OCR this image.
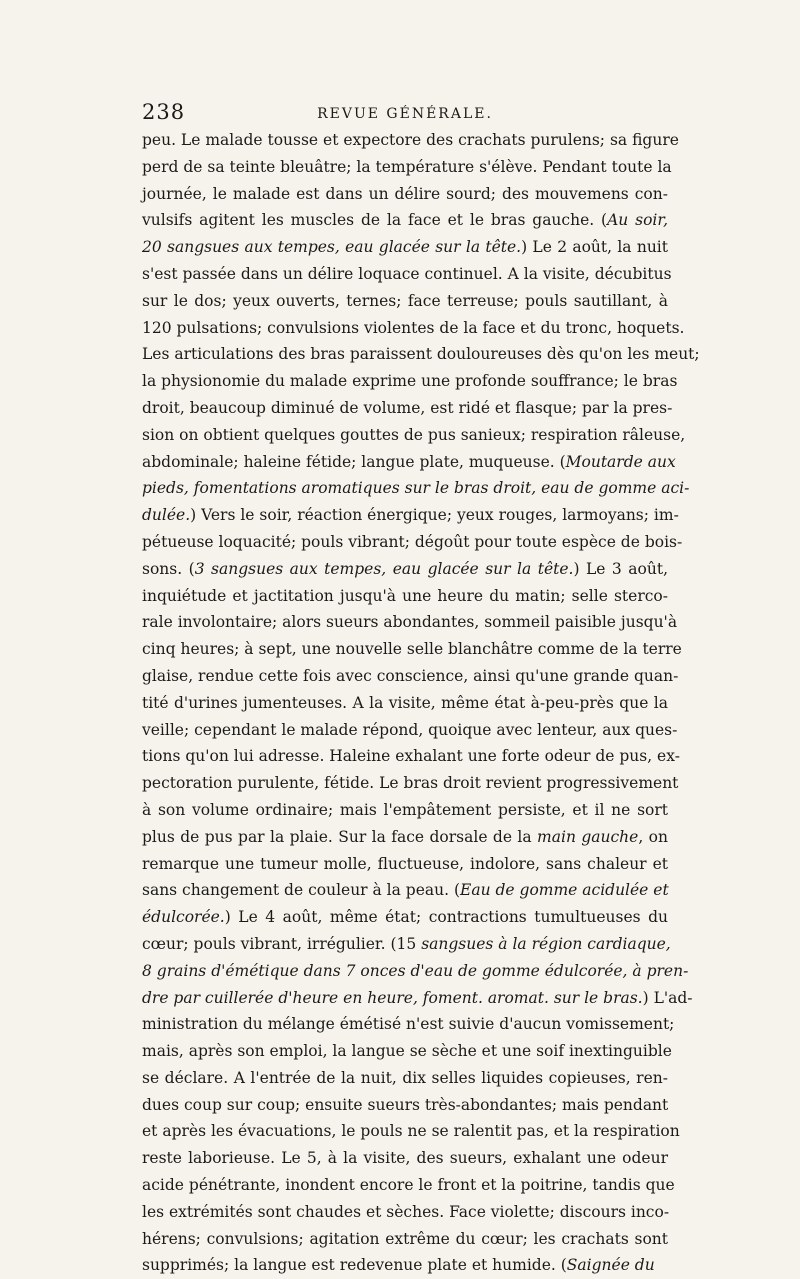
238	REVUE GÉNÉRALE.
peu. Le malade tousse et expectore des crachats purulens; sa figure
perd de sa teinte bleuâtre; la température s'élève. Pendant toute la
journée, le malade est dans un délire sourd; des mouvemens con-
vulsifs agitent les muscles de la face et le bras gauche. (Au soir,
20 sangsues aux tempes, eau glacée sur la tête.) Le 2 août, la nuit
s'est passée dans un délire loquace continuel. A la visite, décubitus
sur le dos; yeux ouverts, ternes; face terreuse; pouls sautillant, à
120 pulsations; convulsions violentes de la face et du tronc, hoquets.
Les articulations des bras paraissent douloureuses dès qu'on les meut;
la physionomie du malade exprime une profonde souffrance; le bras
droit, beaucoup diminué de volume, est ridé et flasque; par la pres-
sion on obtient quelques gouttes de pus sanieux; respiration râleuse,
abdominale; haleine fétide; langue plate, muqueuse. (Moutarde aux
pieds, fomentations aromatiques sur le bras droit, eau de gomme aci-
dulée.) Vers le soir, réaction énergique; yeux rouges, larmoyans; im-
pétueuse loquacité; pouls vibrant; dégoût pour toute espèce de bois-
sons. (3 sangsues aux tempes, eau glacée sur la tête.) Le 3 août,
inquiétude et jactitation jusqu'à une heure du matin; selle sterco-
rale involontaire; alors sueurs abondantes, sommeil paisible jusqu'à
cinq heures; à sept, une nouvelle selle blanchâtre comme de la terre
glaise, rendue cette fois avec conscience, ainsi qu'une grande quan-
tité d'urines jumenteuses. A la visite, même état à-peu-près que la
veille; cependant le malade répond, quoique avec lenteur, aux ques-
tions qu'on lui adresse. Haleine exhalant une forte odeur de pus, ex-
pectoration purulente, fétide. Le bras droit revient progressivement
à son volume ordinaire; mais l'empâtement persiste, et il ne sort
plus de pus par la plaie. Sur la face dorsale de la main gauche, on
remarque une tumeur molle, fluctueuse, indolore, sans chaleur et
sans changement de couleur à la peau. (Eau de gomme acidulée et
édulcorée.) Le 4 août, même état; contractions tumultueuses du
cœur; pouls vibrant, irrégulier. (15 sangsues à la région cardiaque,
8 grains d'émétique dans 7 onces d'eau de gomme édulcorée, à pren-
dre par cuillerée d'heure en heure, foment. aromat. sur le bras.) L'ad-
ministration du mélange émétisé n'est suivie d'aucun vomissement;
mais, après son emploi, la langue se sèche et une soif inextinguible
se déclare. A l'entrée de la nuit, dix selles liquides copieuses, ren-
dues coup sur coup; ensuite sueurs très-abondantes; mais pendant
et après les évacuations, le pouls ne se ralentit pas, et la respiration
reste laborieuse. Le 5, à la visite, des sueurs, exhalant une odeur
acide pénétrante, inondent encore le front et la poitrine, tandis que
les extrémités sont chaudes et sèches. Face violette; discours inco-
hérens; convulsions; agitation extrême du cœur; les crachats sont
supprimés; la langue est redevenue plate et humide. (Saignée du
